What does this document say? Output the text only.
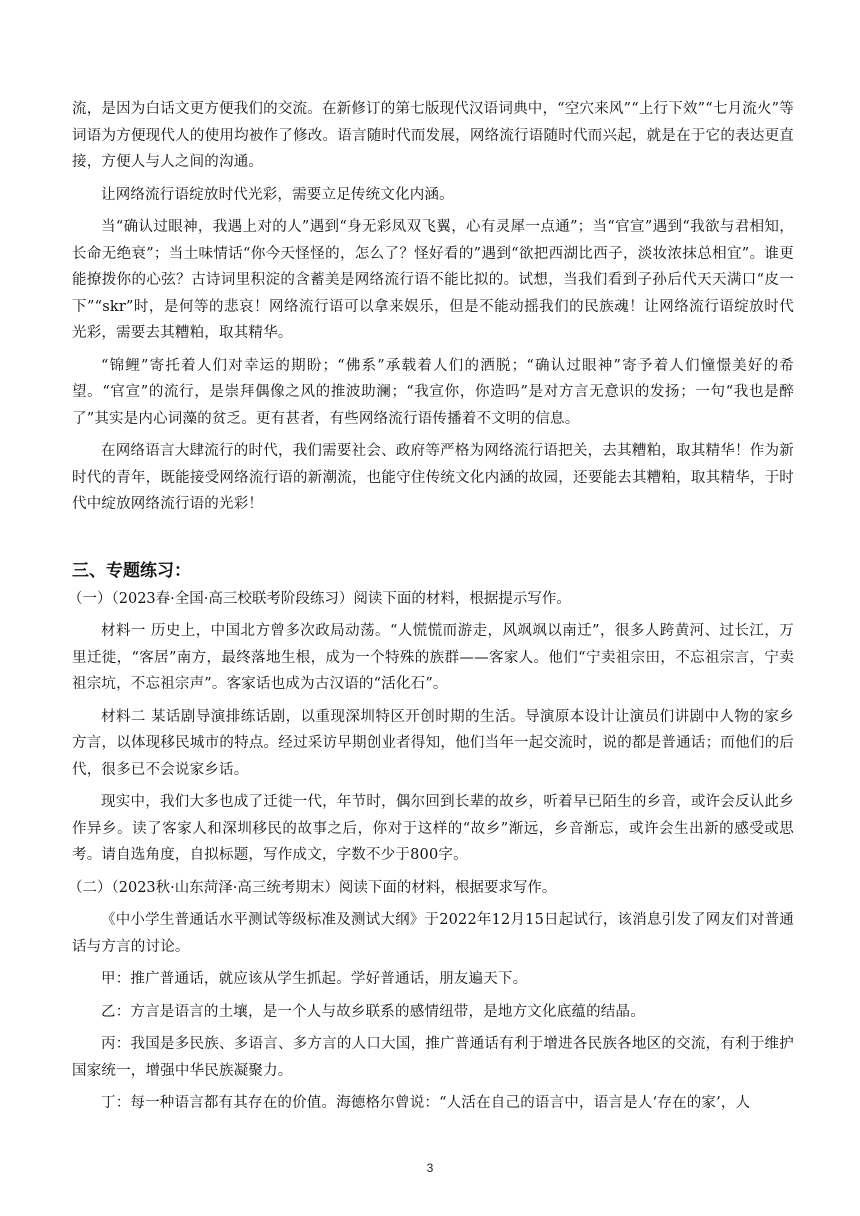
流，是因为白话文更方便我们的交流。在新修订的第七版现代汉语词典中，“空穴来风”“上行下效”“七月流火”等词语为方便现代人的使用均被作了修改。语言随时代而发展，网络流行语随时代而兴起，就是在于它的表达更直接，方便人与人之间的沟通。

让网络流行语绽放时代光彩，需要立足传统文化内涵。

当“确认过眼神，我遇上对的人”遇到“身无彩凤双飞翼，心有灵犀一点通”；当“官宣”遇到“我欲与君相知，长命无绝衰”；当土味情话“你今天怪怪的，怎么了？怪好看的”遇到“欲把西湖比西子，淡妆浓抹总相宜”。谁更能撩拨你的心弦？古诗词里积淀的含蓄美是网络流行语不能比拟的。试想，当我们看到子孙后代天天满口“皮一下”“skr”时，是何等的悲哀！网络流行语可以拿来娱乐，但是不能动摇我们的民族魂！让网络流行语绽放时代光彩，需要去其糟粕，取其精华。

“锦鲤”寄托着人们对幸运的期盼；“佛系”承载着人们的洒脱；“确认过眼神”寄予着人们憧憬美好的希望。“官宣”的流行，是崇拜偶像之风的推波助澜；“我宣你，你造吗”是对方言无意识的发扬；一句“我也是醉了”其实是内心词藻的贫乏。更有甚者，有些网络流行语传播着不文明的信息。

在网络语言大肆流行的时代，我们需要社会、政府等严格为网络流行语把关，去其糟粕，取其精华！作为新时代的青年，既能接受网络流行语的新潮流，也能守住传统文化内涵的故园，还要能去其糟粕，取其精华，于时代中绽放网络流行语的光彩！

三、专题练习：
（一）（2023春·全国·高三校联考阶段练习）阅读下面的材料，根据提示写作。

材料一 历史上，中国北方曾多次政局动荡。“人慌慌而游走，风飒飒以南迁”，很多人跨黄河、过长江，万里迁徙，“客居”南方，最终落地生根，成为一个特殊的族群——客家人。他们“宁卖祖宗田，不忘祖宗言，宁卖祖宗坑，不忘祖宗声”。客家话也成为古汉语的“活化石”。

材料二 某话剧导演排练话剧，以重现深圳特区开创时期的生活。导演原本设计让演员们讲剧中人物的家乡方言，以体现移民城市的特点。经过采访早期创业者得知，他们当年一起交流时，说的都是普通话；而他们的后代，很多已不会说家乡话。

现实中，我们大多也成了迁徙一代，年节时，偶尔回到长辈的故乡，听着早已陌生的乡音，或许会反认此乡作异乡。读了客家人和深圳移民的故事之后，你对于这样的“故乡”渐远，乡音渐忘，或许会生出新的感受或思考。请自选角度，自拟标题，写作成文，字数不少于800字。

（二）（2023秋·山东菏泽·高三统考期末）阅读下面的材料，根据要求写作。

《中小学生普通话水平测试等级标准及测试大纲》于2022年12月15日起试行，该消息引发了网友们对普通话与方言的讨论。

甲：推广普通话，就应该从学生抓起。学好普通话，朋友遍天下。

乙：方言是语言的土壤，是一个人与故乡联系的感情纽带，是地方文化底蕴的结晶。

丙：我国是多民族、多语言、多方言的人口大国，推广普通话有利于增进各民族各地区的交流，有利于维护国家统一，增强中华民族凝聚力。

丁：每一种语言都有其存在的价值。海德格尔曾说：“人活在自己的语言中，语言是人‘存在的家’，人

3
